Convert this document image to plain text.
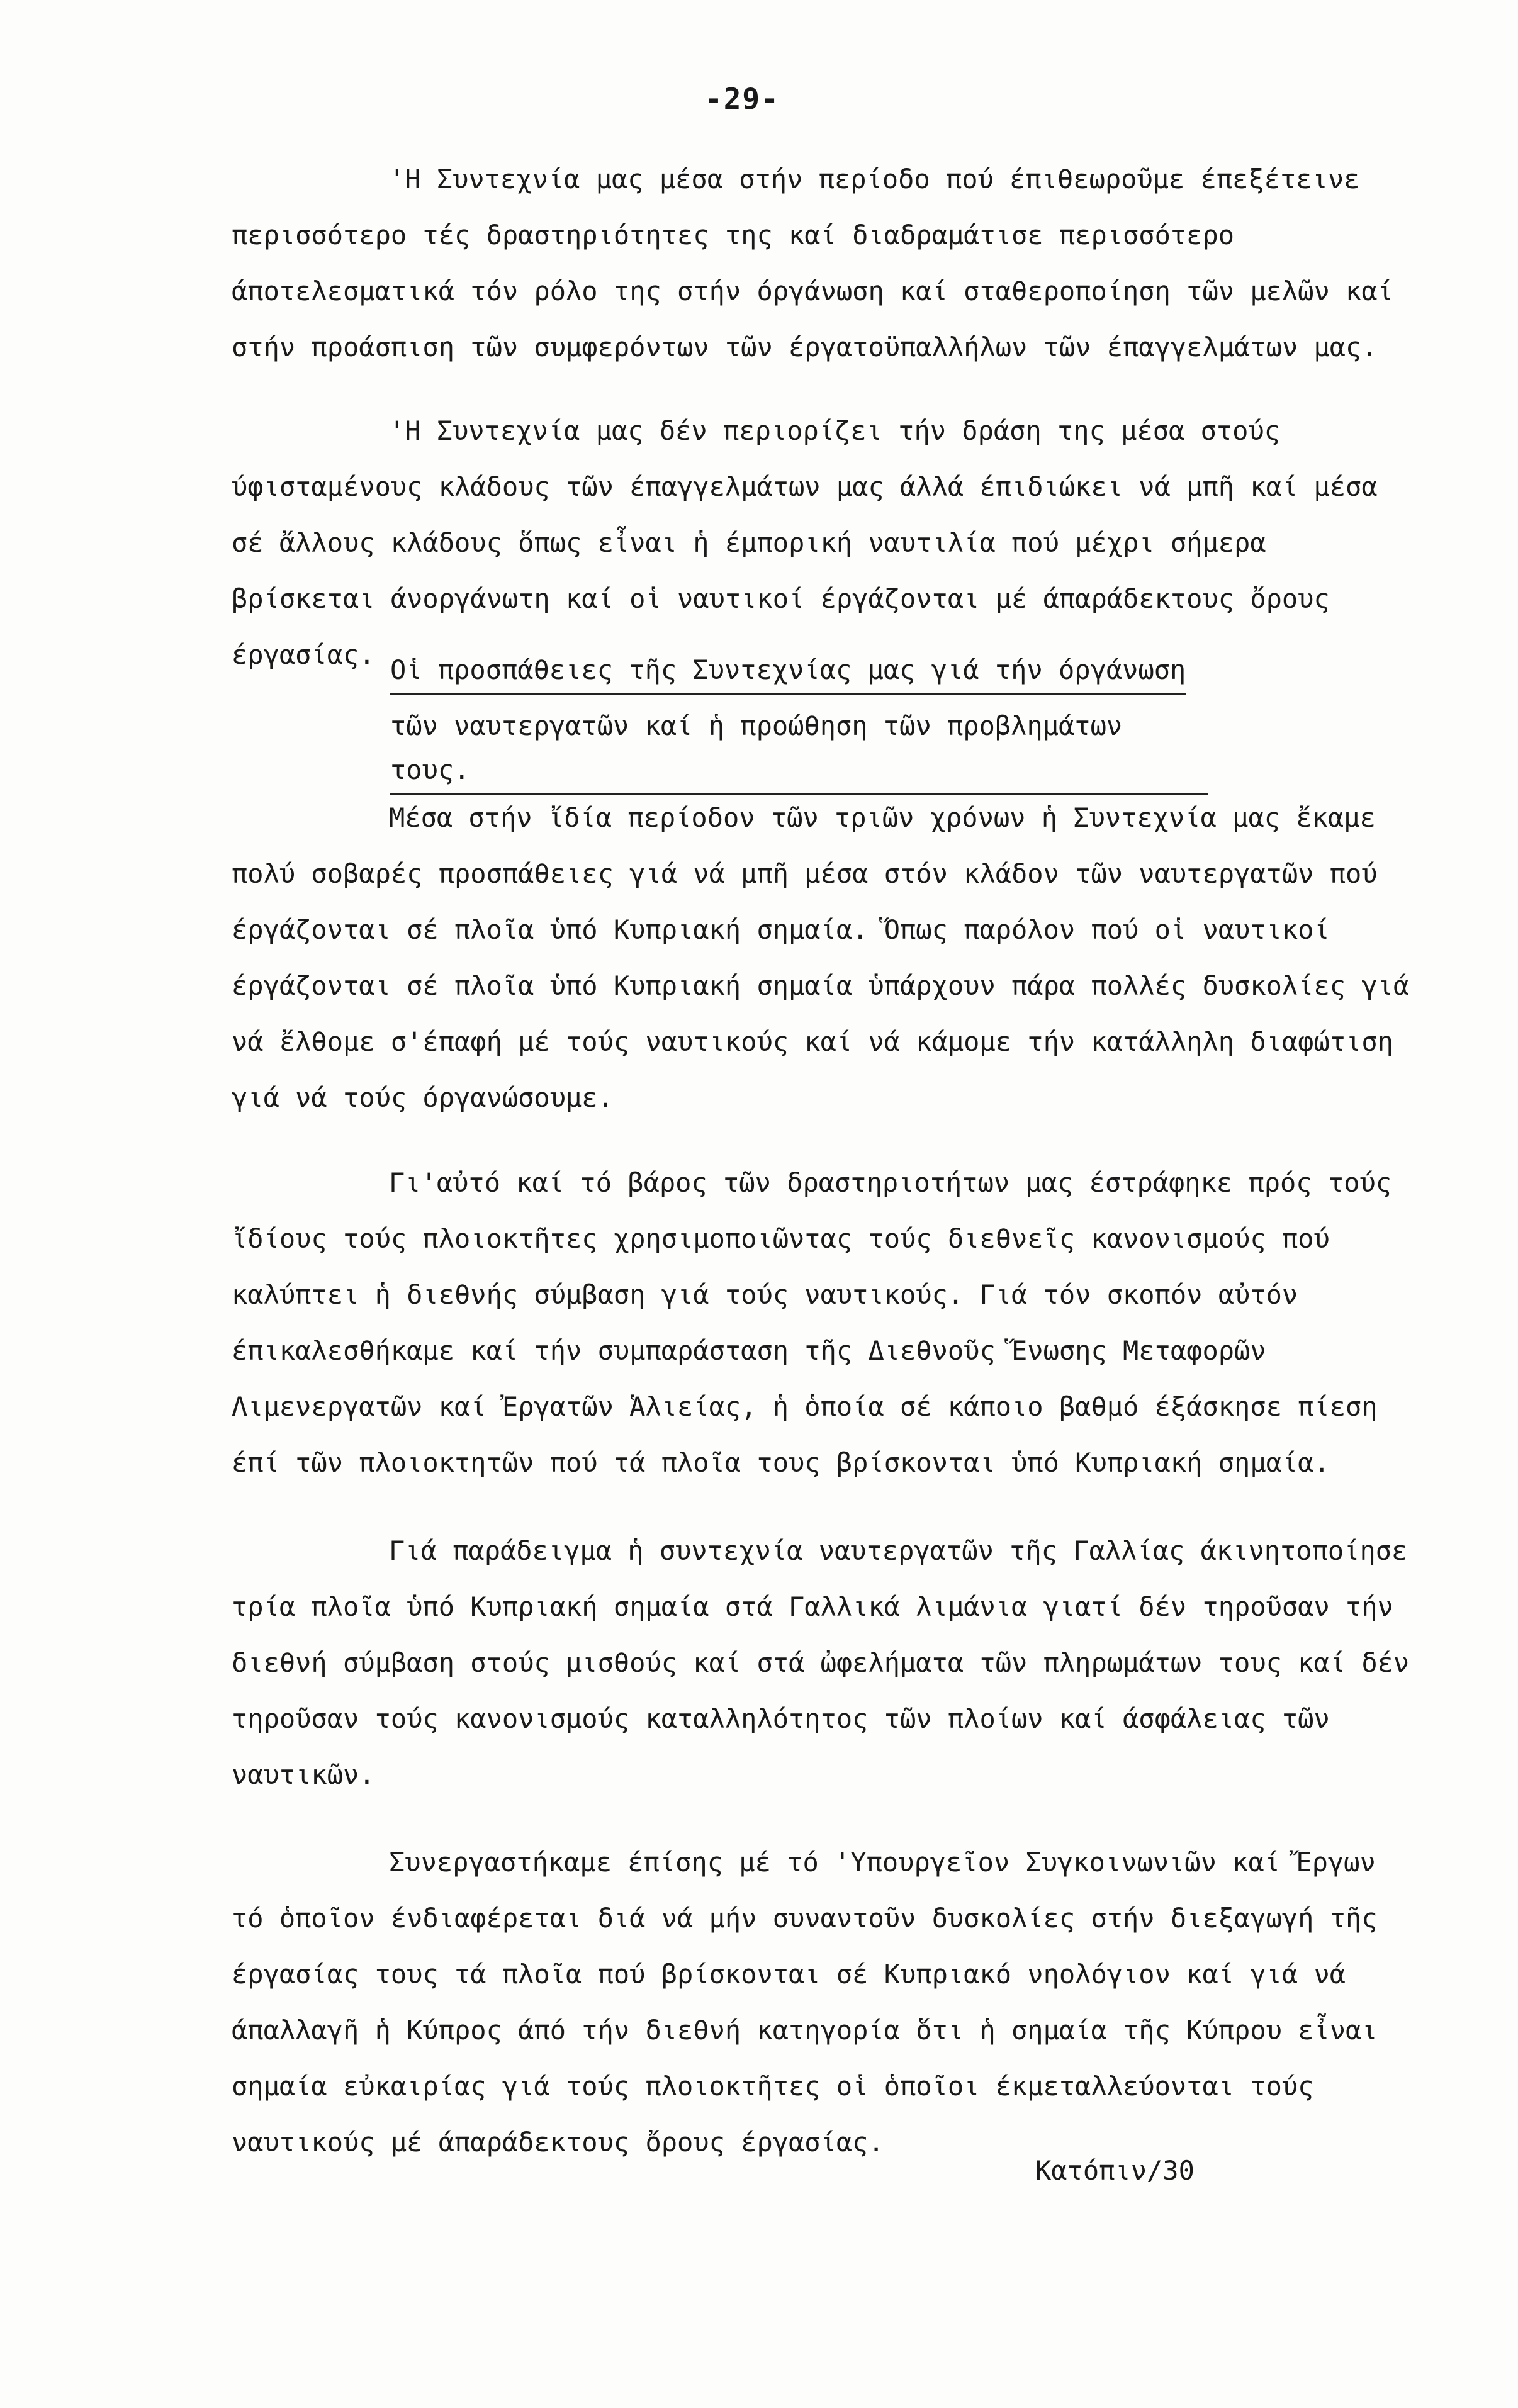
-29-

'Η Συντεχνία μας μέσα στήν περίοδο πού έπιθεωροῦμε έπεξέτεινε περισσότερο τές δραστηριότητες της καί διαδραμάτισε περισσότερο άποτελεσματικά τόν ρόλο της στήν όργάνωση καί σταθεροποίηση τῶν μελῶν καί στήν προάσπιση τῶν συμφερόντων τῶν έργατοϋπαλλήλων τῶν έπαγγελμάτων μας.

'Η Συντεχνία μας δέν περιορίζει τήν δράση της μέσα στούς ύφισταμένους κλάδους τῶν έπαγγελμάτων μας άλλά έπιδιώκει νά μπῆ καί μέσα σέ ἄλλους κλάδους ὅπως εἶναι ἡ έμπορική ναυτιλία πού μέχρι σήμερα βρίσκεται άνοργάνωτη καί οἱ ναυτικοί έργάζονται μέ άπαράδεκτους ὄρους έργασίας. Οἱ προσπάθειες τῆς Συντεχνίας μας γιά τήν όργάνωση
τῶν ναυτεργατῶν καί ἡ προώθηση τῶν προβλημάτων τους.

Μέσα στήν ἴδία περίοδον τῶν τριῶν χρόνων ἡ Συντεχνία μας ἔκαμε πολύ σοβαρές προσπάθειες γιά νά μπῆ μέσα στόν κλάδον τῶν ναυτεργατῶν πού έργάζονται σέ πλοῖα ὑπό Κυπριακή σημαία. Ὅπως παρόλον πού οἱ ναυτικοί έργάζονται σέ πλοῖα ὑπό Κυπριακή σημαία ὑπάρχουν πάρα πολλές δυσκολίες γιά νά ἔλθομε σ'έπαφή μέ τούς ναυτικούς καί νά κάμομε τήν κατάλληλη διαφώτιση γιά νά τούς όργανώσουμε.

Γι'αὐτό καί τό βάρος τῶν δραστηριοτήτων μας έστράφηκε πρός τούς ἴδίους τούς πλοιοκτῆτες χρησιμοποιῶντας τούς διεθνεῖς κανονισμούς πού καλύπτει ἡ διεθνής σύμβαση γιά τούς ναυτικούς. Γιά τόν σκοπόν αὐτόν έπικαλεσθήκαμε καί τήν συμπαράσταση τῆς Διεθνοῦς Ἕνωσης Μεταφορῶν Λιμενεργατῶν καί Ἐργατῶν Ἁλιείας, ἡ ὁποία σέ κάποιο βαθμό έξάσκησε πίεση έπί τῶν πλοιοκτητῶν πού τά πλοῖα τους βρίσκονται ὑπό Κυπριακή σημαία.

Γιά παράδειγμα ἡ συντεχνία ναυτεργατῶν τῆς Γαλλίας άκινητοποίησε τρία πλοῖα ὑπό Κυπριακή σημαία στά Γαλλικά λιμάνια γιατί δέν τηροῦσαν τήν διεθνή σύμβαση στούς μισθούς καί στά ὠφελήματα τῶν πληρωμάτων τους καί δέν τηροῦσαν τούς κανονισμούς καταλληλότητος τῶν πλοίων καί άσφάλειας τῶν ναυτικῶν.

Συνεργαστήκαμε έπίσης μέ τό 'Υπουργεῖον Συγκοινωνιῶν καί Ἔργων τό ὁποῖον ένδιαφέρεται διά νά μήν συναντοῦν δυσκολίες στήν διεξαγωγή τῆς έργασίας τους τά πλοῖα πού βρίσκονται σέ Κυπριακό νηολόγιον καί γιά νά άπαλλαγῆ ἡ Κύπρος άπό τήν διεθνή κατηγορία ὅτι ἡ σημαία τῆς Κύπρου εἶναι σημαία εὐκαιρίας γιά τούς πλοιοκτῆτες οἱ ὁποῖοι έκμεταλλεύονται τούς ναυτικούς μέ άπαράδεκτους ὄρους έργασίας.

Κατόπιν/30
